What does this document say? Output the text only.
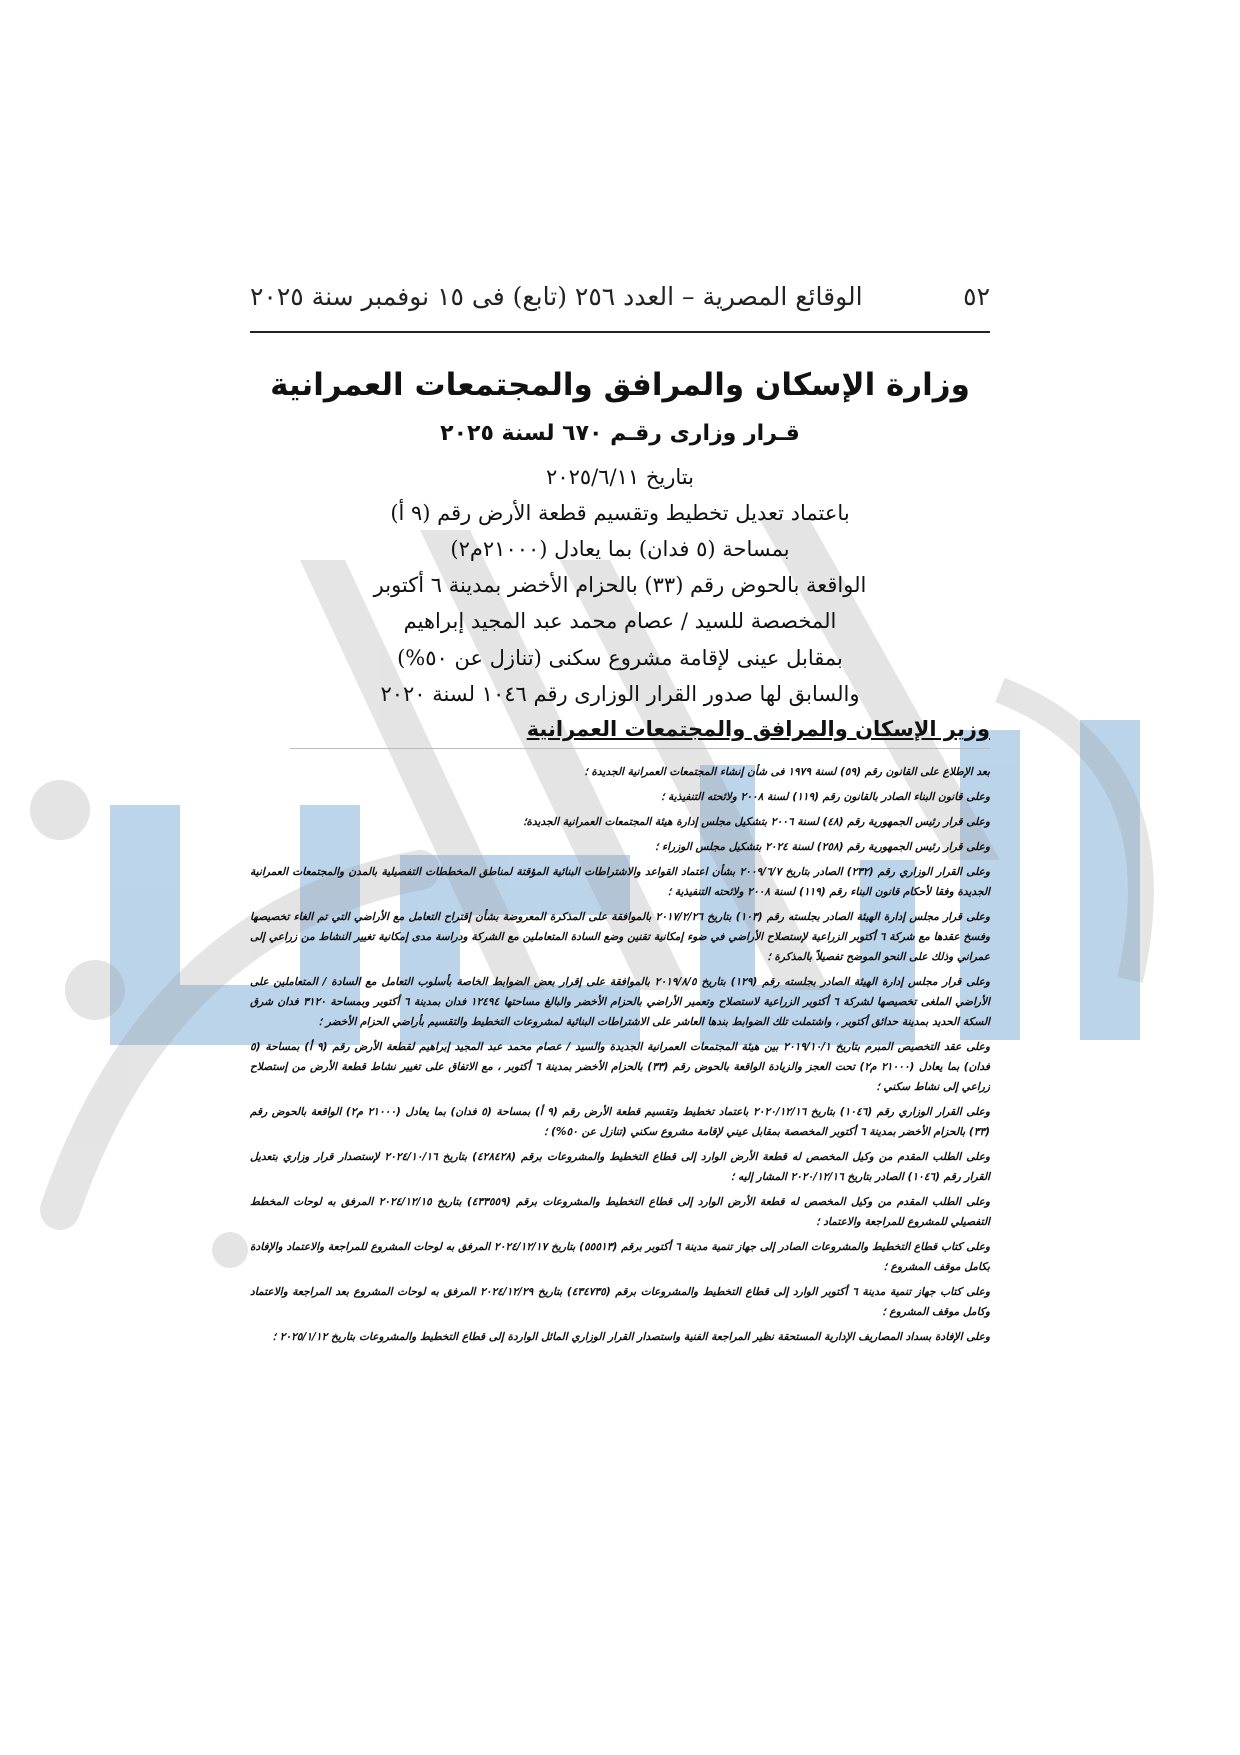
٥٢
الوقائع المصرية – العدد ٢٥٦ (تابع) فى ١٥ نوفمبر سنة ٢٠٢٥
وزارة الإسكان والمرافق والمجتمعات العمرانية

قـرار وزارى رقـم ٦٧٠ لسنة ٢٠٢٥

بتاريخ ٢٠٢٥/٦/١١

باعتماد تعديل تخطيط وتقسيم قطعة الأرض رقم (٩ أ)

بمساحة (٥ فدان) بما يعادل (٢١٠٠٠م٢)

الواقعة بالحوض رقم (٣٣) بالحزام الأخضر بمدينة ٦ أكتوبر

المخصصة للسيد / عصام محمد عبد المجيد إبراهيم

بمقابل عينى لإقامة مشروع سكنى (تنازل عن ٥٠%)

والسابق لها صدور القرار الوزارى رقم ١٠٤٦ لسنة ٢٠٢٠

وزير الإسكان والمرافق والمجتمعات العمرانية
بعد الإطلاع على القانون رقم (٥٩) لسنة ١٩٧٩ فى شأن إنشاء المجتمعات العمرانية الجديدة ؛
وعلى قانون البناء الصادر بالقانون رقم (١١٩) لسنة ٢٠٠٨ ولائحته التنفيذية ؛
وعلى قرار رئيس الجمهورية رقم (٤٨) لسنة ٢٠٠٦ بتشكيل مجلس إدارة هيئة المجتمعات العمرانية الجديدة؛
وعلى قرار رئيس الجمهورية رقم (٢٥٨) لسنة ٢٠٢٤ بتشكيل مجلس الوزراء ؛
وعلى القرار الوزاري رقم (٢٣٢) الصادر بتاريخ ٢٠٠٩/٦/٧ بشأن اعتماد القواعد والاشتراطات البنائية المؤقتة لمناطق المخططات التفصيلية بالمدن والمجتمعات العمرانية الجديدة وفقا لأحكام قانون البناء رقم (١١٩) لسنة ٢٠٠٨ ولائحته التنفيذية ؛
وعلى قرار مجلس إدارة الهيئة الصادر بجلسته رقم (١٠٣) بتاريخ ٢٠١٧/٢/٢٦ بالموافقة على المذكرة المعروضة بشأن إقتراح التعامل مع الأراضي التي تم الغاء تخصيصها وفسخ عقدها مع شركة ٦ أكتوبر الزراعية لإستصلاح الأراضي في ضوء إمكانية تقنين وضع السادة المتعاملين مع الشركة ودراسة مدى إمكانية تغيير النشاط من زراعي إلى عمراني وذلك على النحو الموضح تفصيلاً بالمذكرة ؛
وعلى قرار مجلس إدارة الهيئة الصادر بجلسته رقم (١٢٩) بتاريخ ٢٠١٩/٨/٥ بالموافقة على إقرار بعض الضوابط الخاصة بأسلوب التعامل مع السادة / المتعاملين على الأراضي الملغى تخصيصها لشركة ٦ أكتوبر الزراعية لاستصلاح وتعمير الأراضي بالحزام الأخضر والبالغ مساحتها ١٢٤٩٤ فدان بمدينة ٦ أكتوبر وبمساحة ٣١٢٠ فدان شرق السكة الحديد بمدينة حدائق أكتوبر ، واشتملت تلك الضوابط بندها العاشر على الاشتراطات البنائية لمشروعات التخطيط والتقسيم بأراضي الحزام الأخضر ؛
وعلى عقد التخصيص المبرم بتاريخ ٢٠١٩/١٠/١ بين هيئة المجتمعات العمرانية الجديدة والسيد / عصام محمد عبد المجيد إبراهيم لقطعة الأرض رقم (٩ أ) بمساحة (٥ فدان) بما يعادل (٢١٠٠٠ م٢) تحت العجز والزيادة الواقعة بالحوض رقم (٣٣) بالحزام الأخضر بمدينة ٦ أكتوبر ، مع الاتفاق على تغيير نشاط قطعة الأرض من إستصلاح زراعي إلى نشاط سكني ؛
وعلى القرار الوزاري رقم (١٠٤٦) بتاريخ ٢٠٢٠/١٢/١٦ باعتماد تخطيط وتقسيم قطعة الأرض رقم (٩ أ) بمساحة (٥ فدان) بما يعادل (٢١٠٠٠ م٢) الواقعة بالحوض رقم (٣٣) بالحزام الأخضر بمدينة ٦ أكتوبر المخصصة بمقابل عيني لإقامة مشروع سكني (تنازل عن ٥٠%) ؛
وعلى الطلب المقدم من وكيل المخصص له قطعة الأرض الوارد إلى قطاع التخطيط والمشروعات برقم (٤٢٨٤٢٨) بتاريخ ٢٠٢٤/١٠/١٦ لإستصدار قرار وزاري بتعديل القرار رقم (١٠٤٦) الصادر بتاريخ ٢٠٢٠/١٢/١٦ المشار إليه ؛
وعلى الطلب المقدم من وكيل المخصص له قطعة الأرض الوارد إلى قطاع التخطيط والمشروعات برقم (٤٣٣٥٥٩) بتاريخ ٢٠٢٤/١٢/١٥ المرفق به لوحات المخطط التفصيلي للمشروع للمراجعة والاعتماد ؛
وعلى كتاب قطاع التخطيط والمشروعات الصادر إلى جهاز تنمية مدينة ٦ أكتوبر برقم (٥٥٥١٣) بتاريخ ٢٠٢٤/١٢/١٧ المرفق به لوحات المشروع للمراجعة والاعتماد والإفادة بكامل موقف المشروع ؛
وعلى كتاب جهاز تنمية مدينة ٦ أكتوبر الوارد إلى قطاع التخطيط والمشروعات برقم (٤٣٤٧٣٥) بتاريخ ٢٠٢٤/١٢/٢٩ المرفق به لوحات المشروع بعد المراجعة والاعتماد وكامل موقف المشروع ؛
وعلى الإفادة بسداد المصاريف الإدارية المستحقة نظير المراجعة الفنية واستصدار القرار الوزاري المائل الواردة إلى قطاع التخطيط والمشروعات بتاريخ ٢٠٢٥/١/١٢ ؛
